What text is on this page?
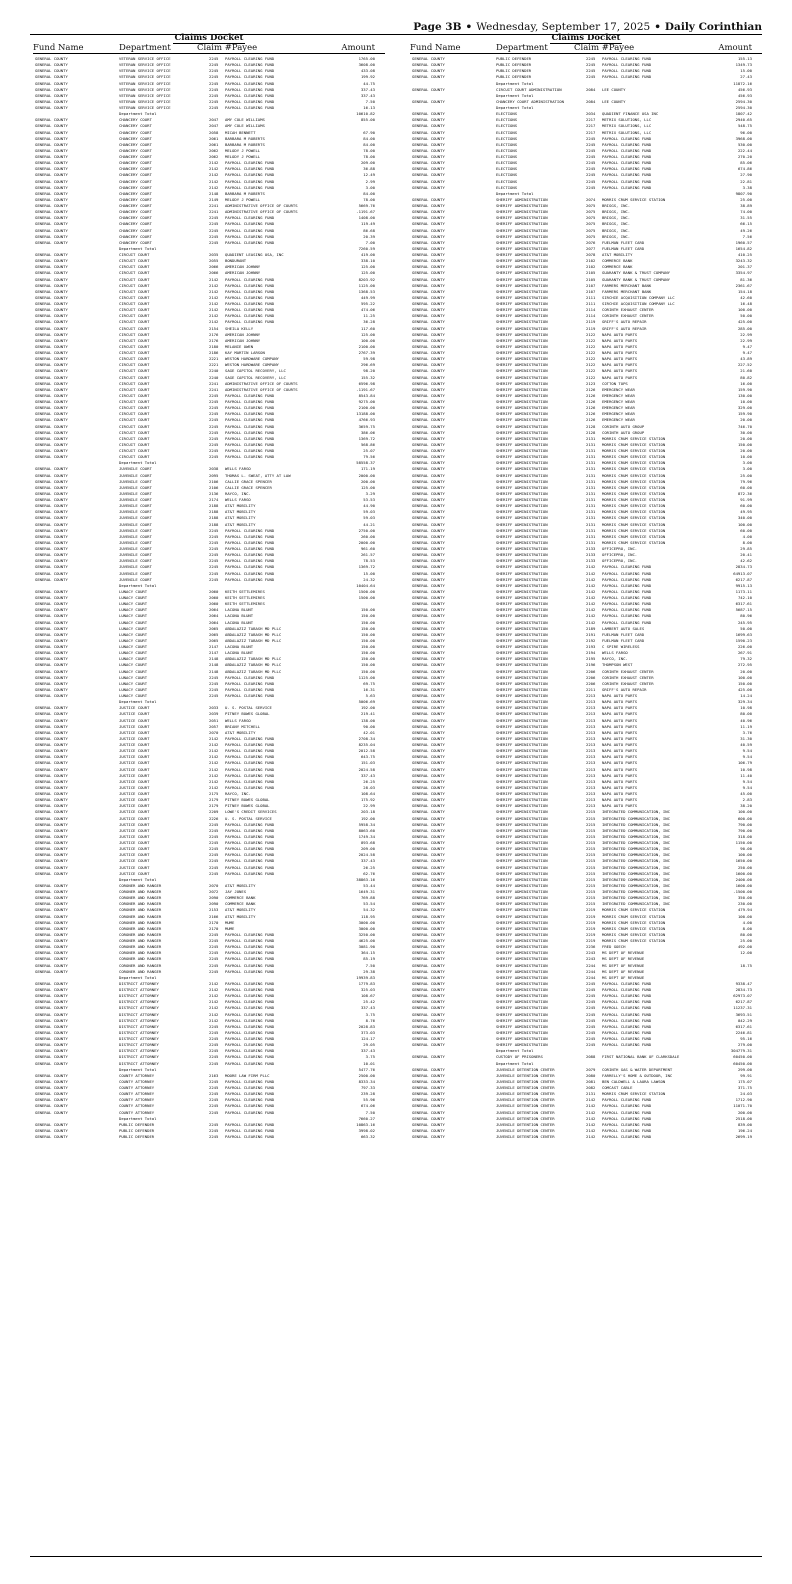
Page 3B • Wednesday, September 17, 2025 • Daily Corinthian
Claims Docket
Fund Name	Department	Claim #Payee	Amount
GENERAL COUNTY	VETERAN SERVICE OFFICE	2245 PAYROLL CLEARING FUND	1765.00
GENERAL COUNTY	VETERAN SERVICE OFFICE	2245 PAYROLL CLEARING FUND	3608.00
GENERAL COUNTY	VETERAN SERVICE OFFICE	2245 PAYROLL CLEARING FUND	433.08
GENERAL COUNTY	VETERAN SERVICE OFFICE	2245 PAYROLL CLEARING FUND	199.92
GENERAL COUNTY	VETERAN SERVICE OFFICE	2245 PAYROLL CLEARING FUND	44.75
GENERAL COUNTY	VETERAN SERVICE OFFICE	2245 PAYROLL CLEARING FUND	337.43
GENERAL COUNTY	VETERAN SERVICE OFFICE	2245 PAYROLL CLEARING FUND	337.43
GENERAL COUNTY	VETERAN SERVICE OFFICE	2245 PAYROLL CLEARING FUND	7.50
GENERAL COUNTY	VETERAN SERVICE OFFICE	2245 PAYROLL CLEARING FUND	16.13
Department Total	10610.82
GENERAL COUNTY	CHANCERY COURT	2047 AMY COLE WILLIAMS	855.00
GENERAL COUNTY	CHANCERY COURT	2047 AMY COLE WILLIAMS
GENERAL COUNTY	CHANCERY COURT	2058 MICAH BENNETT	67.90
GENERAL COUNTY	CHANCERY COURT	2061 BARBARA M ROBERTS	84.00
GENERAL COUNTY	CHANCERY COURT	2061 BARBARA M ROBERTS	84.00
GENERAL COUNTY	CHANCERY COURT	2062 MELODY J POWELL	78.00
GENERAL COUNTY	CHANCERY COURT	2062 MELODY J POWELL	78.00
GENERAL COUNTY	CHANCERY COURT	2142 PAYROLL CLEARING FUND	209.00
GENERAL COUNTY	CHANCERY COURT	2142 PAYROLL CLEARING FUND	36.88
GENERAL COUNTY	CHANCERY COURT	2142 PAYROLL CLEARING FUND	12.49
GENERAL COUNTY	CHANCERY COURT	2142 PAYROLL CLEARING FUND	2.99
GENERAL COUNTY	CHANCERY COURT	2142 PAYROLL CLEARING FUND	3.00
GENERAL COUNTY	CHANCERY COURT	2148 BARBARA M ROBERTS	84.00
GENERAL COUNTY	CHANCERY COURT	2149 MELODY J POWELL	78.00
GENERAL COUNTY	CHANCERY COURT	2241 ADMINISTRATIVE OFFICE OF COURTS	5669.76
GENERAL COUNTY	CHANCERY COURT	2241 ADMINISTRATIVE OFFICE OF COURTS	-1191.67
GENERAL COUNTY	CHANCERY COURT	2245 PAYROLL CLEARING FUND	1408.00
GENERAL COUNTY	CHANCERY COURT	2245 PAYROLL CLEARING FUND	119.49
GENERAL COUNTY	CHANCERY COURT	2245 PAYROLL CLEARING FUND	86.68
GENERAL COUNTY	CHANCERY COURT	2245 PAYROLL CLEARING FUND	20.39
GENERAL COUNTY	CHANCERY COURT	2245 PAYROLL CLEARING FUND	7.00
Department Total	7260.59
GENERAL COUNTY	CIRCUIT COURT	2035 QUADIENT LEASING USA, INC	419.00
GENERAL COUNTY	CIRCUIT COURT	2055 BONDURANT	338.10
GENERAL COUNTY	CIRCUIT COURT	2066 AMERICAN JOHNNY	125.00
GENERAL COUNTY	CIRCUIT COURT	2066 AMERICAN JOHNNY	125.00
GENERAL COUNTY	CIRCUIT COURT	2142 PAYROLL CLEARING FUND	8203.92
GENERAL COUNTY	CIRCUIT COURT	2142 PAYROLL CLEARING FUND	1125.00
GENERAL COUNTY	CIRCUIT COURT	2142 PAYROLL CLEARING FUND	1368.53
GENERAL COUNTY	CIRCUIT COURT	2142 PAYROLL CLEARING FUND	449.99
GENERAL COUNTY	CIRCUIT COURT	2142 PAYROLL CLEARING FUND	595.22
GENERAL COUNTY	CIRCUIT COURT	2142 PAYROLL CLEARING FUND	474.06
GENERAL COUNTY	CIRCUIT COURT	2142 PAYROLL CLEARING FUND	11.25
GENERAL COUNTY	CIRCUIT COURT	2142 PAYROLL CLEARING FUND	36.28
GENERAL COUNTY	CIRCUIT COURT	2154 SHEILA KELLY	117.60
GENERAL COUNTY	CIRCUIT COURT	2176 AMERICAN JOHNNY	125.00
GENERAL COUNTY	CIRCUIT COURT	2176 AMERICAN JOHNNY	100.00
GENERAL COUNTY	CIRCUIT COURT	2180 MELANIE OWEN	2100.00
GENERAL COUNTY	CIRCUIT COURT	2186 KAY MARTIN LARSON	2767.39
GENERAL COUNTY	CIRCUIT COURT	2221 WESTON HARDWARE COMPANY	59.98
GENERAL COUNTY	CIRCUIT COURT	2221 WESTON HARDWARE COMPANY	296.69
GENERAL COUNTY	CIRCUIT COURT	2240 SAGE CAPITOL RECOVERY, LLC	98.20
GENERAL COUNTY	CIRCUIT COURT	2240 SAGE CAPITOL RECOVERY, LLC	155.32
GENERAL COUNTY	CIRCUIT COURT	2241 ADMINISTRATIVE OFFICE OF COURTS	6596.98
GENERAL COUNTY	CIRCUIT COURT	2241 ADMINISTRATIVE OFFICE OF COURTS	-1191.67
GENERAL COUNTY	CIRCUIT COURT	2245 PAYROLL CLEARING FUND	8543.84
GENERAL COUNTY	CIRCUIT COURT	2245 PAYROLL CLEARING FUND	9275.00
GENERAL COUNTY	CIRCUIT COURT	2245 PAYROLL CLEARING FUND	2100.00
GENERAL COUNTY	CIRCUIT COURT	2245 PAYROLL CLEARING FUND	13188.00
GENERAL COUNTY	CIRCUIT COURT	2245 PAYROLL CLEARING FUND	4766.93
GENERAL COUNTY	CIRCUIT COURT	2245 PAYROLL CLEARING FUND	3659.75
GENERAL COUNTY	CIRCUIT COURT	2245 PAYROLL CLEARING FUND	386.06
GENERAL COUNTY	CIRCUIT COURT	2245 PAYROLL CLEARING FUND	1369.72
GENERAL COUNTY	CIRCUIT COURT	2245 PAYROLL CLEARING FUND	568.86
GENERAL COUNTY	CIRCUIT COURT	2245 PAYROLL CLEARING FUND	25.07
GENERAL COUNTY	CIRCUIT COURT	2245 PAYROLL CLEARING FUND	79.56
Department Total	58558.37
GENERAL COUNTY	JUVENILE COURT	2038 WELLS FARGO	171.19
GENERAL COUNTY	JUVENILE COURT	2095 THOMAS L. SWEAT, ATTY AT LAW	2000.00
GENERAL COUNTY	JUVENILE COURT	2106 CALLIE GRACE SPENCER	200.00
GENERAL COUNTY	JUVENILE COURT	2106 CALLIE GRACE SPENCER	125.00
GENERAL COUNTY	JUVENILE COURT	2136 RAYCO, INC.	3.29
GENERAL COUNTY	JUVENILE COURT	2174 WELLS FARGO	53.53
GENERAL COUNTY	JUVENILE COURT	2188 AT&T MOBILITY	44.90
GENERAL COUNTY	JUVENILE COURT	2188 AT&T MOBILITY	59.03
GENERAL COUNTY	JUVENILE COURT	2188 AT&T MOBILITY	59.03
GENERAL COUNTY	JUVENILE COURT	2188 AT&T MOBILITY	44.21
GENERAL COUNTY	JUVENILE COURT	2245 PAYROLL CLEARING FUND	2750.00
GENERAL COUNTY	JUVENILE COURT	2245 PAYROLL CLEARING FUND	260.00
GENERAL COUNTY	JUVENILE COURT	2245 PAYROLL CLEARING FUND	2000.00
GENERAL COUNTY	JUVENILE COURT	2245 PAYROLL CLEARING FUND	961.60
GENERAL COUNTY	JUVENILE COURT	2245 PAYROLL CLEARING FUND	261.57
GENERAL COUNTY	JUVENILE COURT	2245 PAYROLL CLEARING FUND	78.53
GENERAL COUNTY	JUVENILE COURT	2245 PAYROLL CLEARING FUND	1369.72
GENERAL COUNTY	JUVENILE COURT	2245 PAYROLL CLEARING FUND	15.00
GENERAL COUNTY	JUVENILE COURT	2245 PAYROLL CLEARING FUND	24.32
Department Total	10404.64
GENERAL COUNTY	LUNACY COURT	2060 KEITH SETTLEMIRES	1500.00
GENERAL COUNTY	LUNACY COURT	2060 KEITH SETTLEMIRES	1500.00
GENERAL COUNTY	LUNACY COURT	2060 KEITH SETTLEMIRES
GENERAL COUNTY	LUNACY COURT	2064 LACONA BLUNT	150.00
GENERAL COUNTY	LUNACY COURT	2064 LACONA BLUNT	150.00
GENERAL COUNTY	LUNACY COURT	2064 LACONA BLUNT	150.00
GENERAL COUNTY	LUNACY COURT	2065 ABDALAZIZ TABASH MD PLLC	150.00
GENERAL COUNTY	LUNACY COURT	2065 ABDALAZIZ TABASH MD PLLC	150.00
GENERAL COUNTY	LUNACY COURT	2065 ABDALAZIZ TABASH MD PLLC	150.00
GENERAL COUNTY	LUNACY COURT	2147 LACONA BLUNT	150.00
GENERAL COUNTY	LUNACY COURT	2147 LACONA BLUNT	150.00
GENERAL COUNTY	LUNACY COURT	2148 ABDALAZIZ TABASH MD PLLC	150.00
GENERAL COUNTY	LUNACY COURT	2148 ABDALAZIZ TABASH MD PLLC	150.00
GENERAL COUNTY	LUNACY COURT	2148 ABDALAZIZ TABASH MD PLLC	150.00
GENERAL COUNTY	LUNACY COURT	2245 PAYROLL CLEARING FUND	1125.00
GENERAL COUNTY	LUNACY COURT	2245 PAYROLL CLEARING FUND	69.75
GENERAL COUNTY	LUNACY COURT	2245 PAYROLL CLEARING FUND	16.31
GENERAL COUNTY	LUNACY COURT	2245 PAYROLL CLEARING FUND	5.63
Department Total	5006.69
GENERAL COUNTY	JUSTICE COURT	2033 U. S. POSTAL SERVICE	192.00
GENERAL COUNTY	JUSTICE COURT	2039 PITNEY BOWES GLOBAL	219.41
GENERAL COUNTY	JUSTICE COURT	2051 WELLS FARGO	138.00
GENERAL COUNTY	JUSTICE COURT	2057 BRIANY MITCHELL	90.00
GENERAL COUNTY	JUSTICE COURT	2070 AT&T MOBILITY	42.01
GENERAL COUNTY	JUSTICE COURT	2142 PAYROLL CLEARING FUND	2708.34
GENERAL COUNTY	JUSTICE COURT	2142 PAYROLL CLEARING FUND	8235.04
GENERAL COUNTY	JUSTICE COURT	2142 PAYROLL CLEARING FUND	2012.58
GENERAL COUNTY	JUSTICE COURT	2142 PAYROLL CLEARING FUND	643.75
GENERAL COUNTY	JUSTICE COURT	2142 PAYROLL CLEARING FUND	151.03
GENERAL COUNTY	JUSTICE COURT	2142 PAYROLL CLEARING FUND	2024.58
GENERAL COUNTY	JUSTICE COURT	2142 PAYROLL CLEARING FUND	337.43
GENERAL COUNTY	JUSTICE COURT	2142 PAYROLL CLEARING FUND	26.25
GENERAL COUNTY	JUSTICE COURT	2142 PAYROLL CLEARING FUND	28.03
GENERAL COUNTY	JUSTICE COURT	2175 RAYCO, INC.	108.64
GENERAL COUNTY	JUSTICE COURT	2179 PITNEY BOWES GLOBAL	175.92
GENERAL COUNTY	JUSTICE COURT	2179 PITNEY BOWES GLOBAL	22.99
GENERAL COUNTY	JUSTICE COURT	2209 LOWE'S CREDIT SERVICES	203.18
GENERAL COUNTY	JUSTICE COURT	2226 U. S. POSTAL SERVICE	192.00
GENERAL COUNTY	JUSTICE COURT	2245 PAYROLL CLEARING FUND	5958.34
GENERAL COUNTY	JUSTICE COURT	2245 PAYROLL CLEARING FUND	8063.60
GENERAL COUNTY	JUSTICE COURT	2245 PAYROLL CLEARING FUND	1749.34
GENERAL COUNTY	JUSTICE COURT	2245 PAYROLL CLEARING FUND	893.68
GENERAL COUNTY	JUSTICE COURT	2245 PAYROLL CLEARING FUND	209.00
GENERAL COUNTY	JUSTICE COURT	2245 PAYROLL CLEARING FUND	2024.58
GENERAL COUNTY	JUSTICE COURT	2245 PAYROLL CLEARING FUND	337.43
GENERAL COUNTY	JUSTICE COURT	2245 PAYROLL CLEARING FUND	26.25
GENERAL COUNTY	JUSTICE COURT	2245 PAYROLL CLEARING FUND	62.76
Department Total	38863.16
GENERAL COUNTY	CORONER AND RANGER	2070 AT&T MOBILITY	53.44
GENERAL COUNTY	CORONER AND RANGER	2072 JAY JONES	1649.31
GENERAL COUNTY	CORONER AND RANGER	2090 COMMERCE BANK	769.88
GENERAL COUNTY	CORONER AND RANGER	2090 COMMERCE BANK	53.54
GENERAL COUNTY	CORONER AND RANGER	2153 AT&T MOBILITY	54.32
GENERAL COUNTY	CORONER AND RANGER	2166 AT&T MOBILITY	118.95
GENERAL COUNTY	CORONER AND RANGER	2170 MUME	3000.00
GENERAL COUNTY	CORONER AND RANGER	2170 MUME	3000.00
GENERAL COUNTY	CORONER AND RANGER	2245 PAYROLL CLEARING FUND	3250.00
GENERAL COUNTY	CORONER AND RANGER	2245 PAYROLL CLEARING FUND	4625.00
GENERAL COUNTY	CORONER AND RANGER	2245 PAYROLL CLEARING FUND	3081.90
GENERAL COUNTY	CORONER AND RANGER	2245 PAYROLL CLEARING FUND	364.15
GENERAL COUNTY	CORONER AND RANGER	2245 PAYROLL CLEARING FUND	85.19
GENERAL COUNTY	CORONER AND RANGER	2245 PAYROLL CLEARING FUND	7.50
GENERAL COUNTY	CORONER AND RANGER	2245 PAYROLL CLEARING FUND	29.38
Department Total	19939.83
GENERAL COUNTY	DISTRICT ATTORNEY	2142 PAYROLL CLEARING FUND	1779.83
GENERAL COUNTY	DISTRICT ATTORNEY	2142 PAYROLL CLEARING FUND	325.03
GENERAL COUNTY	DISTRICT ATTORNEY	2142 PAYROLL CLEARING FUND	108.67
GENERAL COUNTY	DISTRICT ATTORNEY	2142 PAYROLL CLEARING FUND	25.42
GENERAL COUNTY	DISTRICT ATTORNEY	2142 PAYROLL CLEARING FUND	337.43
GENERAL COUNTY	DISTRICT ATTORNEY	2142 PAYROLL CLEARING FUND	3.75
GENERAL COUNTY	DISTRICT ATTORNEY	2142 PAYROLL CLEARING FUND	8.76
GENERAL COUNTY	DISTRICT ATTORNEY	2245 PAYROLL CLEARING FUND	2028.83
GENERAL COUNTY	DISTRICT ATTORNEY	2245 PAYROLL CLEARING FUND	373.03
GENERAL COUNTY	DISTRICT ATTORNEY	2245 PAYROLL CLEARING FUND	124.17
GENERAL COUNTY	DISTRICT ATTORNEY	2245 PAYROLL CLEARING FUND	29.05
GENERAL COUNTY	DISTRICT ATTORNEY	2245 PAYROLL CLEARING FUND	337.43
GENERAL COUNTY	DISTRICT ATTORNEY	2245 PAYROLL CLEARING FUND	3.75
GENERAL COUNTY	DISTRICT ATTORNEY	2245 PAYROLL CLEARING FUND	10.01
Department Total	5477.76
GENERAL COUNTY	COUNTY ATTORNEY	2163 MOORE LAW FIRM PLLC	2500.00
GENERAL COUNTY	COUNTY ATTORNEY	2245 PAYROLL CLEARING FUND	8333.34
GENERAL COUNTY	COUNTY ATTORNEY	2245 PAYROLL CLEARING FUND	797.33
GENERAL COUNTY	COUNTY ATTORNEY	2245 PAYROLL CLEARING FUND	239.28
GENERAL COUNTY	COUNTY ATTORNEY	2245 PAYROLL CLEARING FUND	55.96
GENERAL COUNTY	COUNTY ATTORNEY	2245 PAYROLL CLEARING FUND	674.06
GENERAL COUNTY	COUNTY ATTORNEY	2245 PAYROLL CLEARING FUND	7.50
Department Total	7660.27
GENERAL COUNTY	PUBLIC DEFENDER	2245 PAYROLL CLEARING FUND	10863.16
GENERAL COUNTY	PUBLIC DEFENDER	2245 PAYROLL CLEARING FUND	3998.02
GENERAL COUNTY	PUBLIC DEFENDER	2245 PAYROLL CLEARING FUND	663.32
Claims Docket
Fund Name	Department	Claim #Payee	Amount
GENERAL COUNTY	PUBLIC DEFENDER	2245 PAYROLL CLEARING FUND	155.13
GENERAL COUNTY	PUBLIC DEFENDER	2245 PAYROLL CLEARING FUND	1349.73
GENERAL COUNTY	PUBLIC DEFENDER	2245 PAYROLL CLEARING FUND	15.00
GENERAL COUNTY	PUBLIC DEFENDER	2245 PAYROLL CLEARING FUND	27.43
Department Total	11872.16
GENERAL COUNTY	CIRCUIT COURT ADMINISTRATION	2084 LEE COUNTY	456.93
Department Total	456.93
GENERAL COUNTY	CHANCERY COURT ADMINISTRATION	2084 LEE COUNTY	2594.30
Department Total	2594.30
GENERAL COUNTY	ELECTIONS	2034 QUADIENT FINANCE USA INC	1807.42
GENERAL COUNTY	ELECTIONS	2217 METRIX SOLUTIONS, LLC	2940.65
GENERAL COUNTY	ELECTIONS	2217 METRIX SOLUTIONS, LLC	548.75
GENERAL COUNTY	ELECTIONS	2217 METRIX SOLUTIONS, LLC	96.00
GENERAL COUNTY	ELECTIONS	2245 PAYROLL CLEARING FUND	3968.00
GENERAL COUNTY	ELECTIONS	2245 PAYROLL CLEARING FUND	530.00
GENERAL COUNTY	ELECTIONS	2245 PAYROLL CLEARING FUND	222.44
GENERAL COUNTY	ELECTIONS	2245 PAYROLL CLEARING FUND	270.20
GENERAL COUNTY	ELECTIONS	2245 PAYROLL CLEARING FUND	85.06
GENERAL COUNTY	ELECTIONS	2245 PAYROLL CLEARING FUND	674.86
GENERAL COUNTY	ELECTIONS	2245 PAYROLL CLEARING FUND	27.90
GENERAL COUNTY	ELECTIONS	2245 PAYROLL CLEARING FUND	22.81
GENERAL COUNTY	ELECTIONS	2245 PAYROLL CLEARING FUND	3.38
Department Total	9807.90
GENERAL COUNTY	SHERIFF ADMINISTRATION	2074 MORRIS CRUM SERVICE STATION	25.00
GENERAL COUNTY	SHERIFF ADMINISTRATION	2075 BRIGGS, INC.	38.89
GENERAL COUNTY	SHERIFF ADMINISTRATION	2075 BRIGGS, INC.	74.00
GENERAL COUNTY	SHERIFF ADMINISTRATION	2075 BRIGGS, INC.	31.55
GENERAL COUNTY	SHERIFF ADMINISTRATION	2075 BRIGGS, INC.	66.15
GENERAL COUNTY	SHERIFF ADMINISTRATION	2075 BRIGGS, INC.	49.26
GENERAL COUNTY	SHERIFF ADMINISTRATION	2075 BRIGGS, INC.	7.56
GENERAL COUNTY	SHERIFF ADMINISTRATION	2076 FUELMAN FLEET CARD	1960.57
GENERAL COUNTY	SHERIFF ADMINISTRATION	2077 FUELMAN FLEET CARD	1654.82
GENERAL COUNTY	SHERIFF ADMINISTRATION	2078 AT&T MOBILITY	410.25
GENERAL COUNTY	SHERIFF ADMINISTRATION	2102 COMMERCE BANK	3243.32
GENERAL COUNTY	SHERIFF ADMINISTRATION	2102 COMMERCE BANK	201.37
GENERAL COUNTY	SHERIFF ADMINISTRATION	2105 GUARANTY BANK & TRUST COMPANY	3354.97
GENERAL COUNTY	SHERIFF ADMINISTRATION	2105 GUARANTY BANK & TRUST COMPANY	81.36
GENERAL COUNTY	SHERIFF ADMINISTRATION	2107 FARMERS MERCHANT BANK	2361.67
GENERAL COUNTY	SHERIFF ADMINISTRATION	2107 FARMERS MERCHANT BANK	154.18
GENERAL COUNTY	SHERIFF ADMINISTRATION	2111 SIRCHIE ACQUISITION COMPANY LLC	42.60
GENERAL COUNTY	SHERIFF ADMINISTRATION	2111 SIRCHIE ACQUISITION COMPANY LLC	16.48
GENERAL COUNTY	SHERIFF ADMINISTRATION	2114 CORINTH EXHAUST CENTER	100.00
GENERAL COUNTY	SHERIFF ADMINISTRATION	2114 CORINTH EXHAUST CENTER	50.00
GENERAL COUNTY	SHERIFF ADMINISTRATION	2119 GRIFF'S AUTO REPAIR	425.00
GENERAL COUNTY	SHERIFF ADMINISTRATION	2119 GRIFF'S AUTO REPAIR	285.00
GENERAL COUNTY	SHERIFF ADMINISTRATION	2122 NAPA AUTO PARTS	22.99
GENERAL COUNTY	SHERIFF ADMINISTRATION	2122 NAPA AUTO PARTS	22.99
GENERAL COUNTY	SHERIFF ADMINISTRATION	2122 NAPA AUTO PARTS	9.47
GENERAL COUNTY	SHERIFF ADMINISTRATION	2122 NAPA AUTO PARTS	9.47
GENERAL COUNTY	SHERIFF ADMINISTRATION	2122 NAPA AUTO PARTS	43.89
GENERAL COUNTY	SHERIFF ADMINISTRATION	2122 NAPA AUTO PARTS	227.52
GENERAL COUNTY	SHERIFF ADMINISTRATION	2122 NAPA AUTO PARTS	21.60
GENERAL COUNTY	SHERIFF ADMINISTRATION	2122 NAPA AUTO PARTS	80.82
GENERAL COUNTY	SHERIFF ADMINISTRATION	2123 COTTON TOPS	16.00
GENERAL COUNTY	SHERIFF ADMINISTRATION	2126 EMERGENCY WEAR	159.90
GENERAL COUNTY	SHERIFF ADMINISTRATION	2126 EMERGENCY WEAR	130.00
GENERAL COUNTY	SHERIFF ADMINISTRATION	2126 EMERGENCY WEAR	10.00
GENERAL COUNTY	SHERIFF ADMINISTRATION	2126 EMERGENCY WEAR	329.00
GENERAL COUNTY	SHERIFF ADMINISTRATION	2126 EMERGENCY WEAR	159.90
GENERAL COUNTY	SHERIFF ADMINISTRATION	2126 EMERGENCY WEAR	20.00
GENERAL COUNTY	SHERIFF ADMINISTRATION	2128 CORINTH AUTO GROUP	746.70
GENERAL COUNTY	SHERIFF ADMINISTRATION	2128 CORINTH AUTO GROUP	30.00
GENERAL COUNTY	SHERIFF ADMINISTRATION	2131 MORRIS CRUM SERVICE STATION	20.00
GENERAL COUNTY	SHERIFF ADMINISTRATION	2131 MORRIS CRUM SERVICE STATION	150.00
GENERAL COUNTY	SHERIFF ADMINISTRATION	2131 MORRIS CRUM SERVICE STATION	20.00
GENERAL COUNTY	SHERIFF ADMINISTRATION	2131 MORRIS CRUM SERVICE STATION	10.00
GENERAL COUNTY	SHERIFF ADMINISTRATION	2131 MORRIS CRUM SERVICE STATION	3.00
GENERAL COUNTY	SHERIFF ADMINISTRATION	2131 MORRIS CRUM SERVICE STATION	3.00
GENERAL COUNTY	SHERIFF ADMINISTRATION	2131 MORRIS CRUM SERVICE STATION	25.00
GENERAL COUNTY	SHERIFF ADMINISTRATION	2131 MORRIS CRUM SERVICE STATION	79.96
GENERAL COUNTY	SHERIFF ADMINISTRATION	2131 MORRIS CRUM SERVICE STATION	60.00
GENERAL COUNTY	SHERIFF ADMINISTRATION	2131 MORRIS CRUM SERVICE STATION	872.36
GENERAL COUNTY	SHERIFF ADMINISTRATION	2131 MORRIS CRUM SERVICE STATION	91.99
GENERAL COUNTY	SHERIFF ADMINISTRATION	2131 MORRIS CRUM SERVICE STATION	60.00
GENERAL COUNTY	SHERIFF ADMINISTRATION	2131 MORRIS CRUM SERVICE STATION	49.95
GENERAL COUNTY	SHERIFF ADMINISTRATION	2131 MORRIS CRUM SERVICE STATION	340.00
GENERAL COUNTY	SHERIFF ADMINISTRATION	2131 MORRIS CRUM SERVICE STATION	100.00
GENERAL COUNTY	SHERIFF ADMINISTRATION	2131 MORRIS CRUM SERVICE STATION	60.00
GENERAL COUNTY	SHERIFF ADMINISTRATION	2131 MORRIS CRUM SERVICE STATION	4.00
GENERAL COUNTY	SHERIFF ADMINISTRATION	2131 MORRIS CRUM SERVICE STATION	8.00
GENERAL COUNTY	SHERIFF ADMINISTRATION	2133 OFFICEPRO, INC.	29.85
GENERAL COUNTY	SHERIFF ADMINISTRATION	2133 OFFICEPRO, INC.	20.41
GENERAL COUNTY	SHERIFF ADMINISTRATION	2133 OFFICEPRO, INC.	42.62
GENERAL COUNTY	SHERIFF ADMINISTRATION	2142 PAYROLL CLEARING FUND	2834.73
GENERAL COUNTY	SHERIFF ADMINISTRATION	2142 PAYROLL CLEARING FUND	64913.07
GENERAL COUNTY	SHERIFF ADMINISTRATION	2142 PAYROLL CLEARING FUND	6217.87
GENERAL COUNTY	SHERIFF ADMINISTRATION	2142 PAYROLL CLEARING FUND	9915.13
GENERAL COUNTY	SHERIFF ADMINISTRATION	2142 PAYROLL CLEARING FUND	1173.11
GENERAL COUNTY	SHERIFF ADMINISTRATION	2142 PAYROLL CLEARING FUND	742.10
GENERAL COUNTY	SHERIFF ADMINISTRATION	2142 PAYROLL CLEARING FUND	6317.61
GENERAL COUNTY	SHERIFF ADMINISTRATION	2142 PAYROLL CLEARING FUND	5687.15
GENERAL COUNTY	SHERIFF ADMINISTRATION	2142 PAYROLL CLEARING FUND	80.96
GENERAL COUNTY	SHERIFF ADMINISTRATION	2142 PAYROLL CLEARING FUND	245.95
GENERAL COUNTY	SHERIFF ADMINISTRATION	2189 LAMBERT AUTO SALES	50.00
GENERAL COUNTY	SHERIFF ADMINISTRATION	2191 FUELMAN FLEET CARD	1699.63
GENERAL COUNTY	SHERIFF ADMINISTRATION	2192 FUELMAN FLEET CARD	1590.23
GENERAL COUNTY	SHERIFF ADMINISTRATION	2193 C SPIRE WIRELESS	226.00
GENERAL COUNTY	SHERIFF ADMINISTRATION	2194 WELLS FARGO	267.91
GENERAL COUNTY	SHERIFF ADMINISTRATION	2195 RAYCO, INC.	79.32
GENERAL COUNTY	SHERIFF ADMINISTRATION	2196 THOMPSON WEST	272.95
GENERAL COUNTY	SHERIFF ADMINISTRATION	2206 CORINTH EXHAUST CENTER	20.00
GENERAL COUNTY	SHERIFF ADMINISTRATION	2206 CORINTH EXHAUST CENTER	100.00
GENERAL COUNTY	SHERIFF ADMINISTRATION	2206 CORINTH EXHAUST CENTER	150.00
GENERAL COUNTY	SHERIFF ADMINISTRATION	2211 GRIFF'S AUTO REPAIR	425.00
GENERAL COUNTY	SHERIFF ADMINISTRATION	2213 NAPA AUTO PARTS	14.24
GENERAL COUNTY	SHERIFF ADMINISTRATION	2213 NAPA AUTO PARTS	329.34
GENERAL COUNTY	SHERIFF ADMINISTRATION	2213 NAPA AUTO PARTS	10.98
GENERAL COUNTY	SHERIFF ADMINISTRATION	2213 NAPA AUTO PARTS	80.00
GENERAL COUNTY	SHERIFF ADMINISTRATION	2213 NAPA AUTO PARTS	40.96
GENERAL COUNTY	SHERIFF ADMINISTRATION	2213 NAPA AUTO PARTS	11.19
GENERAL COUNTY	SHERIFF ADMINISTRATION	2213 NAPA AUTO PARTS	3.76
GENERAL COUNTY	SHERIFF ADMINISTRATION	2213 NAPA AUTO PARTS	31.30
GENERAL COUNTY	SHERIFF ADMINISTRATION	2213 NAPA AUTO PARTS	40.59
GENERAL COUNTY	SHERIFF ADMINISTRATION	2213 NAPA AUTO PARTS	9.54
GENERAL COUNTY	SHERIFF ADMINISTRATION	2213 NAPA AUTO PARTS	9.54
GENERAL COUNTY	SHERIFF ADMINISTRATION	2213 NAPA AUTO PARTS	106.79
GENERAL COUNTY	SHERIFF ADMINISTRATION	2213 NAPA AUTO PARTS	10.98
GENERAL COUNTY	SHERIFF ADMINISTRATION	2213 NAPA AUTO PARTS	11.40
GENERAL COUNTY	SHERIFF ADMINISTRATION	2213 NAPA AUTO PARTS	9.54
GENERAL COUNTY	SHERIFF ADMINISTRATION	2213 NAPA AUTO PARTS	9.54
GENERAL COUNTY	SHERIFF ADMINISTRATION	2213 NAPA AUTO PARTS	45.00
GENERAL COUNTY	SHERIFF ADMINISTRATION	2213 NAPA AUTO PARTS	2.83
GENERAL COUNTY	SHERIFF ADMINISTRATION	2213 NAPA AUTO PARTS	38.20
GENERAL COUNTY	SHERIFF ADMINISTRATION	2215 INTEGRATED COMMUNICATION, INC	100.00
GENERAL COUNTY	SHERIFF ADMINISTRATION	2215 INTEGRATED COMMUNICATION, INC	600.00
GENERAL COUNTY	SHERIFF ADMINISTRATION	2215 INTEGRATED COMMUNICATION, INC	790.00
GENERAL COUNTY	SHERIFF ADMINISTRATION	2215 INTEGRATED COMMUNICATION, INC	790.00
GENERAL COUNTY	SHERIFF ADMINISTRATION	2215 INTEGRATED COMMUNICATION, INC	318.00
GENERAL COUNTY	SHERIFF ADMINISTRATION	2215 INTEGRATED COMMUNICATION, INC	1150.00
GENERAL COUNTY	SHERIFF ADMINISTRATION	2215 INTEGRATED COMMUNICATION, INC	90.00
GENERAL COUNTY	SHERIFF ADMINISTRATION	2215 INTEGRATED COMMUNICATION, INC	100.00
GENERAL COUNTY	SHERIFF ADMINISTRATION	2215 INTEGRATED COMMUNICATION, INC	1650.00
GENERAL COUNTY	SHERIFF ADMINISTRATION	2215 INTEGRATED COMMUNICATION, INC	250.00
GENERAL COUNTY	SHERIFF ADMINISTRATION	2215 INTEGRATED COMMUNICATION, INC	1600.00
GENERAL COUNTY	SHERIFF ADMINISTRATION	2215 INTEGRATED COMMUNICATION, INC	2400.00
GENERAL COUNTY	SHERIFF ADMINISTRATION	2215 INTEGRATED COMMUNICATION, INC	1600.00
GENERAL COUNTY	SHERIFF ADMINISTRATION	2215 INTEGRATED COMMUNICATION, INC	-1500.00
GENERAL COUNTY	SHERIFF ADMINISTRATION	2215 INTEGRATED COMMUNICATION, INC	350.00
GENERAL COUNTY	SHERIFF ADMINISTRATION	2215 INTEGRATED COMMUNICATION, INC	230.00
GENERAL COUNTY	SHERIFF ADMINISTRATION	2219 MORRIS CRUM SERVICE STATION	479.94
GENERAL COUNTY	SHERIFF ADMINISTRATION	2219 MORRIS CRUM SERVICE STATION	100.00
GENERAL COUNTY	SHERIFF ADMINISTRATION	2219 MORRIS CRUM SERVICE STATION	4.00
GENERAL COUNTY	SHERIFF ADMINISTRATION	2219 MORRIS CRUM SERVICE STATION	8.00
GENERAL COUNTY	SHERIFF ADMINISTRATION	2219 MORRIS CRUM SERVICE STATION	80.00
GENERAL COUNTY	SHERIFF ADMINISTRATION	2219 MORRIS CRUM SERVICE STATION	25.00
GENERAL COUNTY	SHERIFF ADMINISTRATION	2236 FRED GOECH	492.00
GENERAL COUNTY	SHERIFF ADMINISTRATION	2243 MS DEPT OF REVENUE	12.00
GENERAL COUNTY	SHERIFF ADMINISTRATION	2243 MS DEPT OF REVENUE
GENERAL COUNTY	SHERIFF ADMINISTRATION	2244 MS DEPT OF REVENUE	18.75
GENERAL COUNTY	SHERIFF ADMINISTRATION	2244 MS DEPT OF REVENUE
GENERAL COUNTY	SHERIFF ADMINISTRATION	2244 MS DEPT OF REVENUE
GENERAL COUNTY	SHERIFF ADMINISTRATION	2245 PAYROLL CLEARING FUND	9338.47
GENERAL COUNTY	SHERIFF ADMINISTRATION	2245 PAYROLL CLEARING FUND	2834.73
GENERAL COUNTY	SHERIFF ADMINISTRATION	2245 PAYROLL CLEARING FUND	62973.07
GENERAL COUNTY	SHERIFF ADMINISTRATION	2245 PAYROLL CLEARING FUND	6217.87
GENERAL COUNTY	SHERIFF ADMINISTRATION	2245 PAYROLL CLEARING FUND	11237.31
GENERAL COUNTY	SHERIFF ADMINISTRATION	2245 PAYROLL CLEARING FUND	3693.51
GENERAL COUNTY	SHERIFF ADMINISTRATION	2245 PAYROLL CLEARING FUND	842.29
GENERAL COUNTY	SHERIFF ADMINISTRATION	2245 PAYROLL CLEARING FUND	6317.61
GENERAL COUNTY	SHERIFF ADMINISTRATION	2245 PAYROLL CLEARING FUND	2246.81
GENERAL COUNTY	SHERIFF ADMINISTRATION	2245 PAYROLL CLEARING FUND	95.16
GENERAL COUNTY	SHERIFF ADMINISTRATION	2245 PAYROLL CLEARING FUND	279.00
Department Total	304779.31
GENERAL COUNTY	CUSTODY OF PRISONERS	2088 FIRST NATIONAL BANK OF CLARKSDALE	60450.00
Department Total	60450.00
GENERAL COUNTY	JUVENILE DETENTION CENTER	2079 CORINTH GAS & WATER DEPARTMENT	299.00
GENERAL COUNTY	JUVENILE DETENTION CENTER	2080 FARRELLY'S HOME & OUTDOOR, INC	99.91
GENERAL COUNTY	JUVENILE DETENTION CENTER	2081 BEN CALDWELL & LAURA LAWSON	175.07
GENERAL COUNTY	JUVENILE DETENTION CENTER	2082 COMCAST CABLE	371.75
GENERAL COUNTY	JUVENILE DETENTION CENTER	2131 MORRIS CRUM SERVICE STATION	24.03
GENERAL COUNTY	JUVENILE DETENTION CENTER	2142 PAYROLL CLEARING FUND	1712.90
GENERAL COUNTY	JUVENILE DETENTION CENTER	2142 PAYROLL CLEARING FUND	11071.70
GENERAL COUNTY	JUVENILE DETENTION CENTER	2142 PAYROLL CLEARING FUND	200.00
GENERAL COUNTY	JUVENILE DETENTION CENTER	2142 PAYROLL CLEARING FUND	2518.00
GENERAL COUNTY	JUVENILE DETENTION CENTER	2142 PAYROLL CLEARING FUND	839.00
GENERAL COUNTY	JUVENILE DETENTION CENTER	2142 PAYROLL CLEARING FUND	196.24
GENERAL COUNTY	JUVENILE DETENTION CENTER	2142 PAYROLL CLEARING FUND	2699.19
